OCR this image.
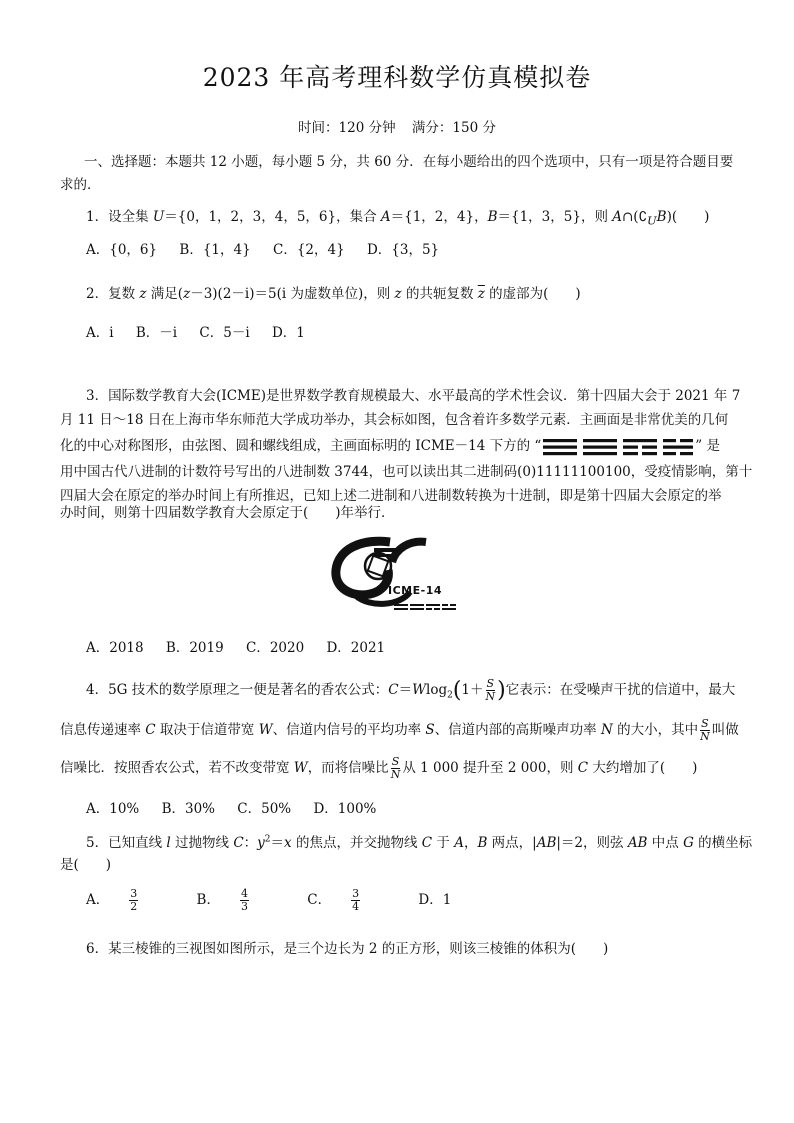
2023 年高考理科数学仿真模拟卷
时间：120 分钟 满分：150 分
一、选择题：本题共 12 小题，每小题 5 分，共 60 分．在每小题给出的四个选项中，只有一项是符合题目要
求的．
1．设全集 U＝{0，1，2，3，4，5，6}，集合 A＝{1，2，4}，B＝{1，3，5}，则 $A\cap(∁_UB)$(　　)
A．{0，6} B．{1，4} C．{2，4} D．{3，5}
2．复数 z 满足(z－3)(2－i)＝5(i 为虚数单位)，则 z 的共轭复数 $\overline{z}$ 的虚部为(　　)
A．i B．－i C．5－i D．1
3．国际数学教育大会(ICME)是世界数学教育规模最大、水平最高的学术性会议．第十四届大会于 2021 年 7
月 11 日～18 日在上海市华东师范大学成功举办，其会标如图，包含着许多数学元素．主画面是非常优美的几何
化的中心对称图形，由弦图、圆和螺线组成，主画面标明的 ICME－14 下方的 “	” 是
用中国古代八进制的计数符号写出的八进制数 3744，也可以读出其二进制码(0)11111100100，受疫情影响，第十
四届大会在原定的举办时间上有所推迟，已知上述二进制和八进制数转换为十进制，即是第十四届大会原定的举
办时间，则第十四届数学教育大会原定于(　　)年举行．
ICME-14
A．2018 B．2019 C．2020 D．2021
4．5G 技术的数学原理之一便是著名的香农公式：$C=Wlog_2(1+ \frac{S}{N}$ )它表示：在受噪声干扰的信道中，最大
信息传递速率 C 取决于信道带宽 W、信道内信号的平均功率 S、信道内部的高斯噪声功率 N 的大小，其中 $\frac{S}{N}$ 叫做
信噪比．按照香农公式，若不改变带宽 W，而将信噪比 $\frac{S}{N}$ 从 1 000 提升至 2 000，则 C 大约增加了(　　)
A．10% B．30% C．50% D．100%
5．已知直线 l 过抛物线 C：$y^2=x$ 的焦点，并交抛物线 C 于 A，B 两点，|AB|＝2，则弦 AB 中点 G 的横坐标
是(　　)
A． $\frac{3}{2}$	B． $\frac{4}{3}$	C． $\frac{3}{4}$	D．1
6．某三棱锥的三视图如图所示，是三个边长为 2 的正方形，则该三棱锥的体积为(　　)
